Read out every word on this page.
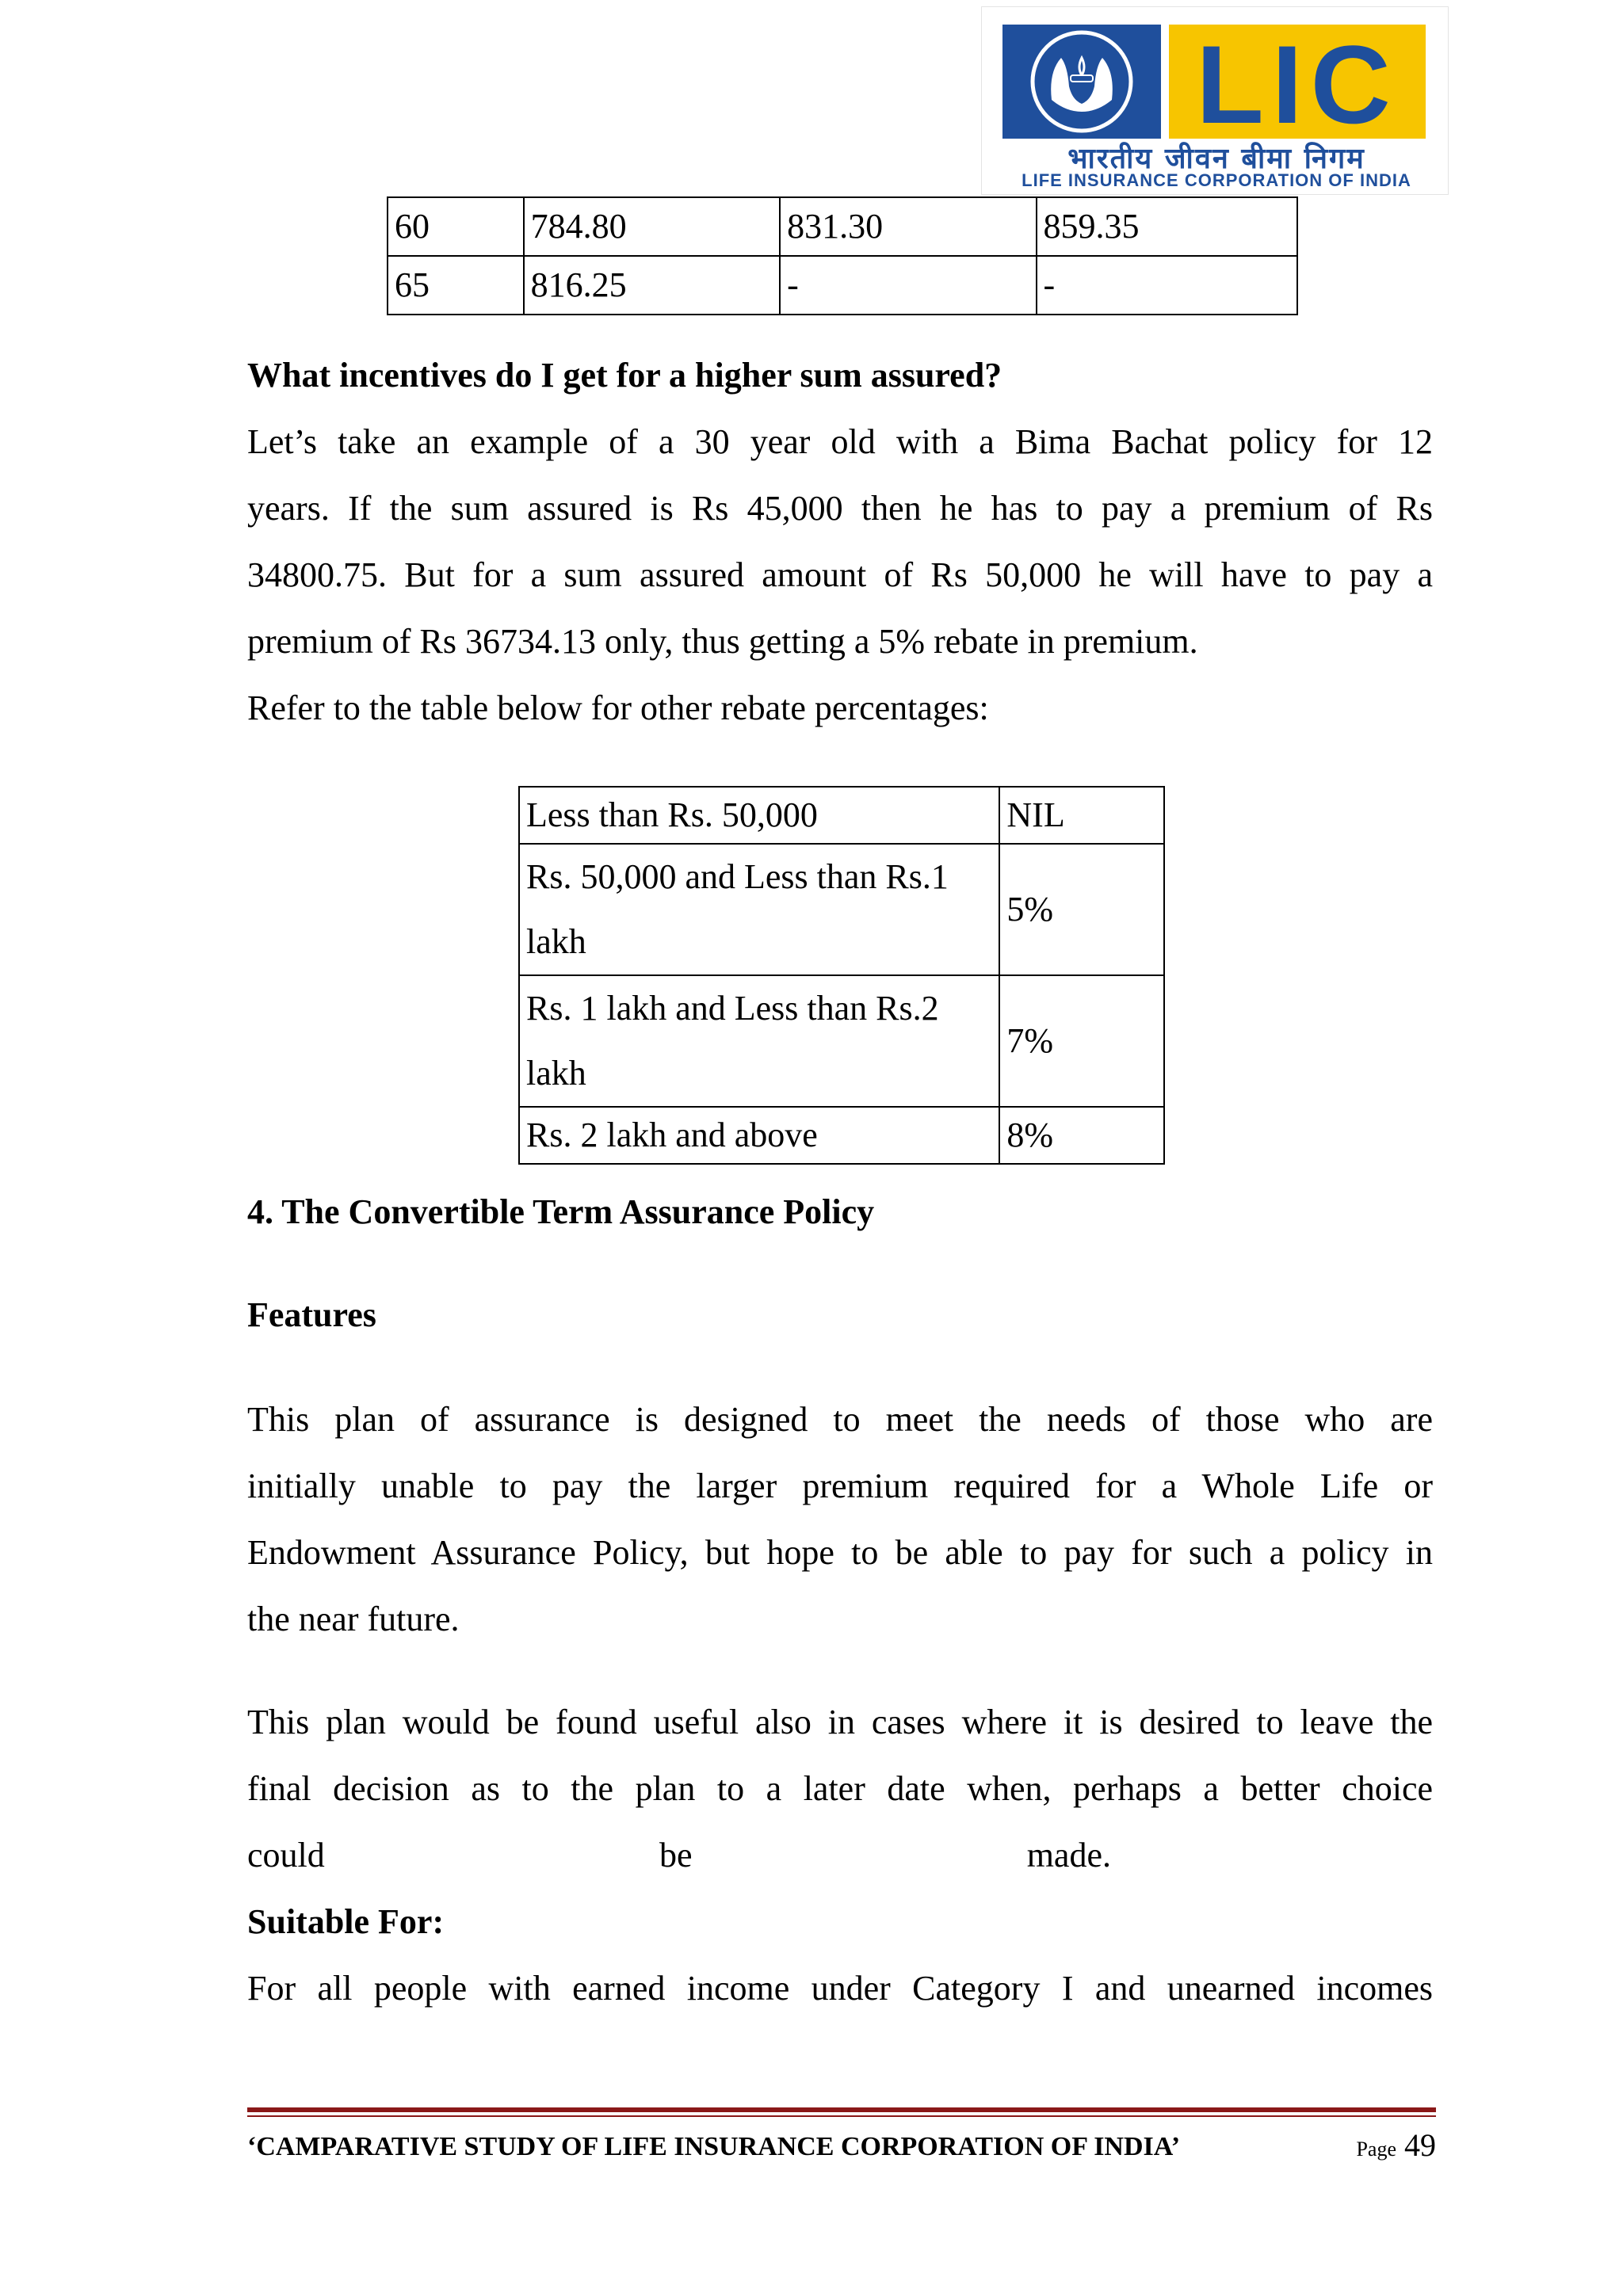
LIC
भारतीय जीवन बीमा निगम
LIFE INSURANCE CORPORATION OF INDIA
60	784.80	831.30	859.35
65	816.25	-	-
What incentives do I get for a higher sum assured?
Let’s take an example of a 30 year old with a Bima Bachat policy for 12
years. If the sum assured is Rs 45,000 then he has to pay a premium of Rs
34800.75. But for a sum assured amount of Rs 50,000 he will have to pay a
premium of Rs 36734.13 only, thus getting a 5% rebate in premium.
Refer to the table below for other rebate percentages:
Less than Rs. 50,000	NIL
Rs. 50,000 and Less than Rs.1 lakh	5%
Rs. 1 lakh and Less than Rs.2 lakh	7%
Rs. 2 lakh and above	8%
4. The Convertible Term Assurance Policy
Features
This plan of assurance is designed to meet the needs of those who are
initially unable to pay the larger premium required for a Whole Life or
Endowment Assurance Policy, but hope to be able to pay for such a policy in
the near future.
This plan would be found useful also in cases where it is desired to leave the
final decision as to the plan to a later date when, perhaps a better choice
could be made.
Suitable For:
For all people with earned income under Category I and unearned incomes
‘CAMPARATIVE STUDY OF LIFE INSURANCE CORPORATION OF INDIA’	Page 49
